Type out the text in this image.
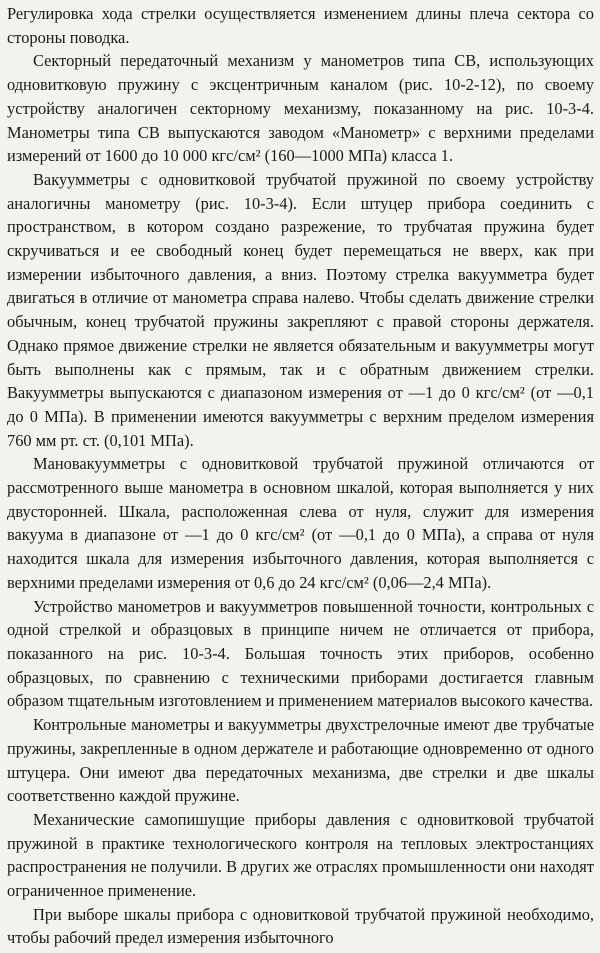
Регулировка хода стрелки осуществляется изменением длины плеча сектора со стороны поводка.

Секторный передаточный механизм у манометров типа СВ, использующих одновитковую пружину с эксцентричным каналом (рис. 10-2-12), по своему устройству аналогичен секторному механизму, показанному на рис. 10-3-4. Манометры типа СВ выпускаются заводом «Манометр» с верхними пределами измерений от 1600 до 10 000 кгс/см² (160—1000 МПа) класса 1.

Вакуумметры с одновитковой трубчатой пружиной по своему устройству аналогичны манометру (рис. 10-3-4). Если штуцер прибора соединить с пространством, в котором создано разрежение, то трубчатая пружина будет скручиваться и ее свободный конец будет перемещаться не вверх, как при измерении избыточного давления, а вниз. Поэтому стрелка вакуумметра будет двигаться в отличие от манометра справа налево. Чтобы сделать движение стрелки обычным, конец трубчатой пружины закрепляют с правой стороны держателя. Однако прямое движение стрелки не является обязательным и вакуумметры могут быть выполнены как с прямым, так и с обратным движением стрелки. Вакуумметры выпускаются с диапазоном измерения от —1 до 0 кгс/см² (от —0,1 до 0 МПа). В применении имеются вакуумметры с верхним пределом измерения 760 мм рт. ст. (0,101 МПа).

Мановакуумметры с одновитковой трубчатой пружиной отличаются от рассмотренного выше манометра в основном шкалой, которая выполняется у них двусторонней. Шкала, расположенная слева от нуля, служит для измерения вакуума в диапазоне от —1 до 0 кгс/см² (от —0,1 до 0 МПа), а справа от нуля находится шкала для измерения избыточного давления, которая выполняется с верхними пределами измерения от 0,6 до 24 кгс/см² (0,06—2,4 МПа).

Устройство манометров и вакуумметров повышенной точности, контрольных с одной стрелкой и образцовых в принципе ничем не отличается от прибора, показанного на рис. 10-3-4. Большая точность этих приборов, особенно образцовых, по сравнению с техническими приборами достигается главным образом тщательным изготовлением и применением материалов высокого качества.

Контрольные манометры и вакуумметры двухстрелочные имеют две трубчатые пружины, закрепленные в одном держателе и работающие одновременно от одного штуцера. Они имеют два передаточных механизма, две стрелки и две шкалы соответственно каждой пружине.

Механические самопишущие приборы давления с одновитковой трубчатой пружиной в практике технологического контроля на тепловых электростанциях распространения не получили. В других же отраслях промышленности они находят ограниченное применение.

При выборе шкалы прибора с одновитковой трубчатой пружиной необходимо, чтобы рабочий предел измерения избыточного
